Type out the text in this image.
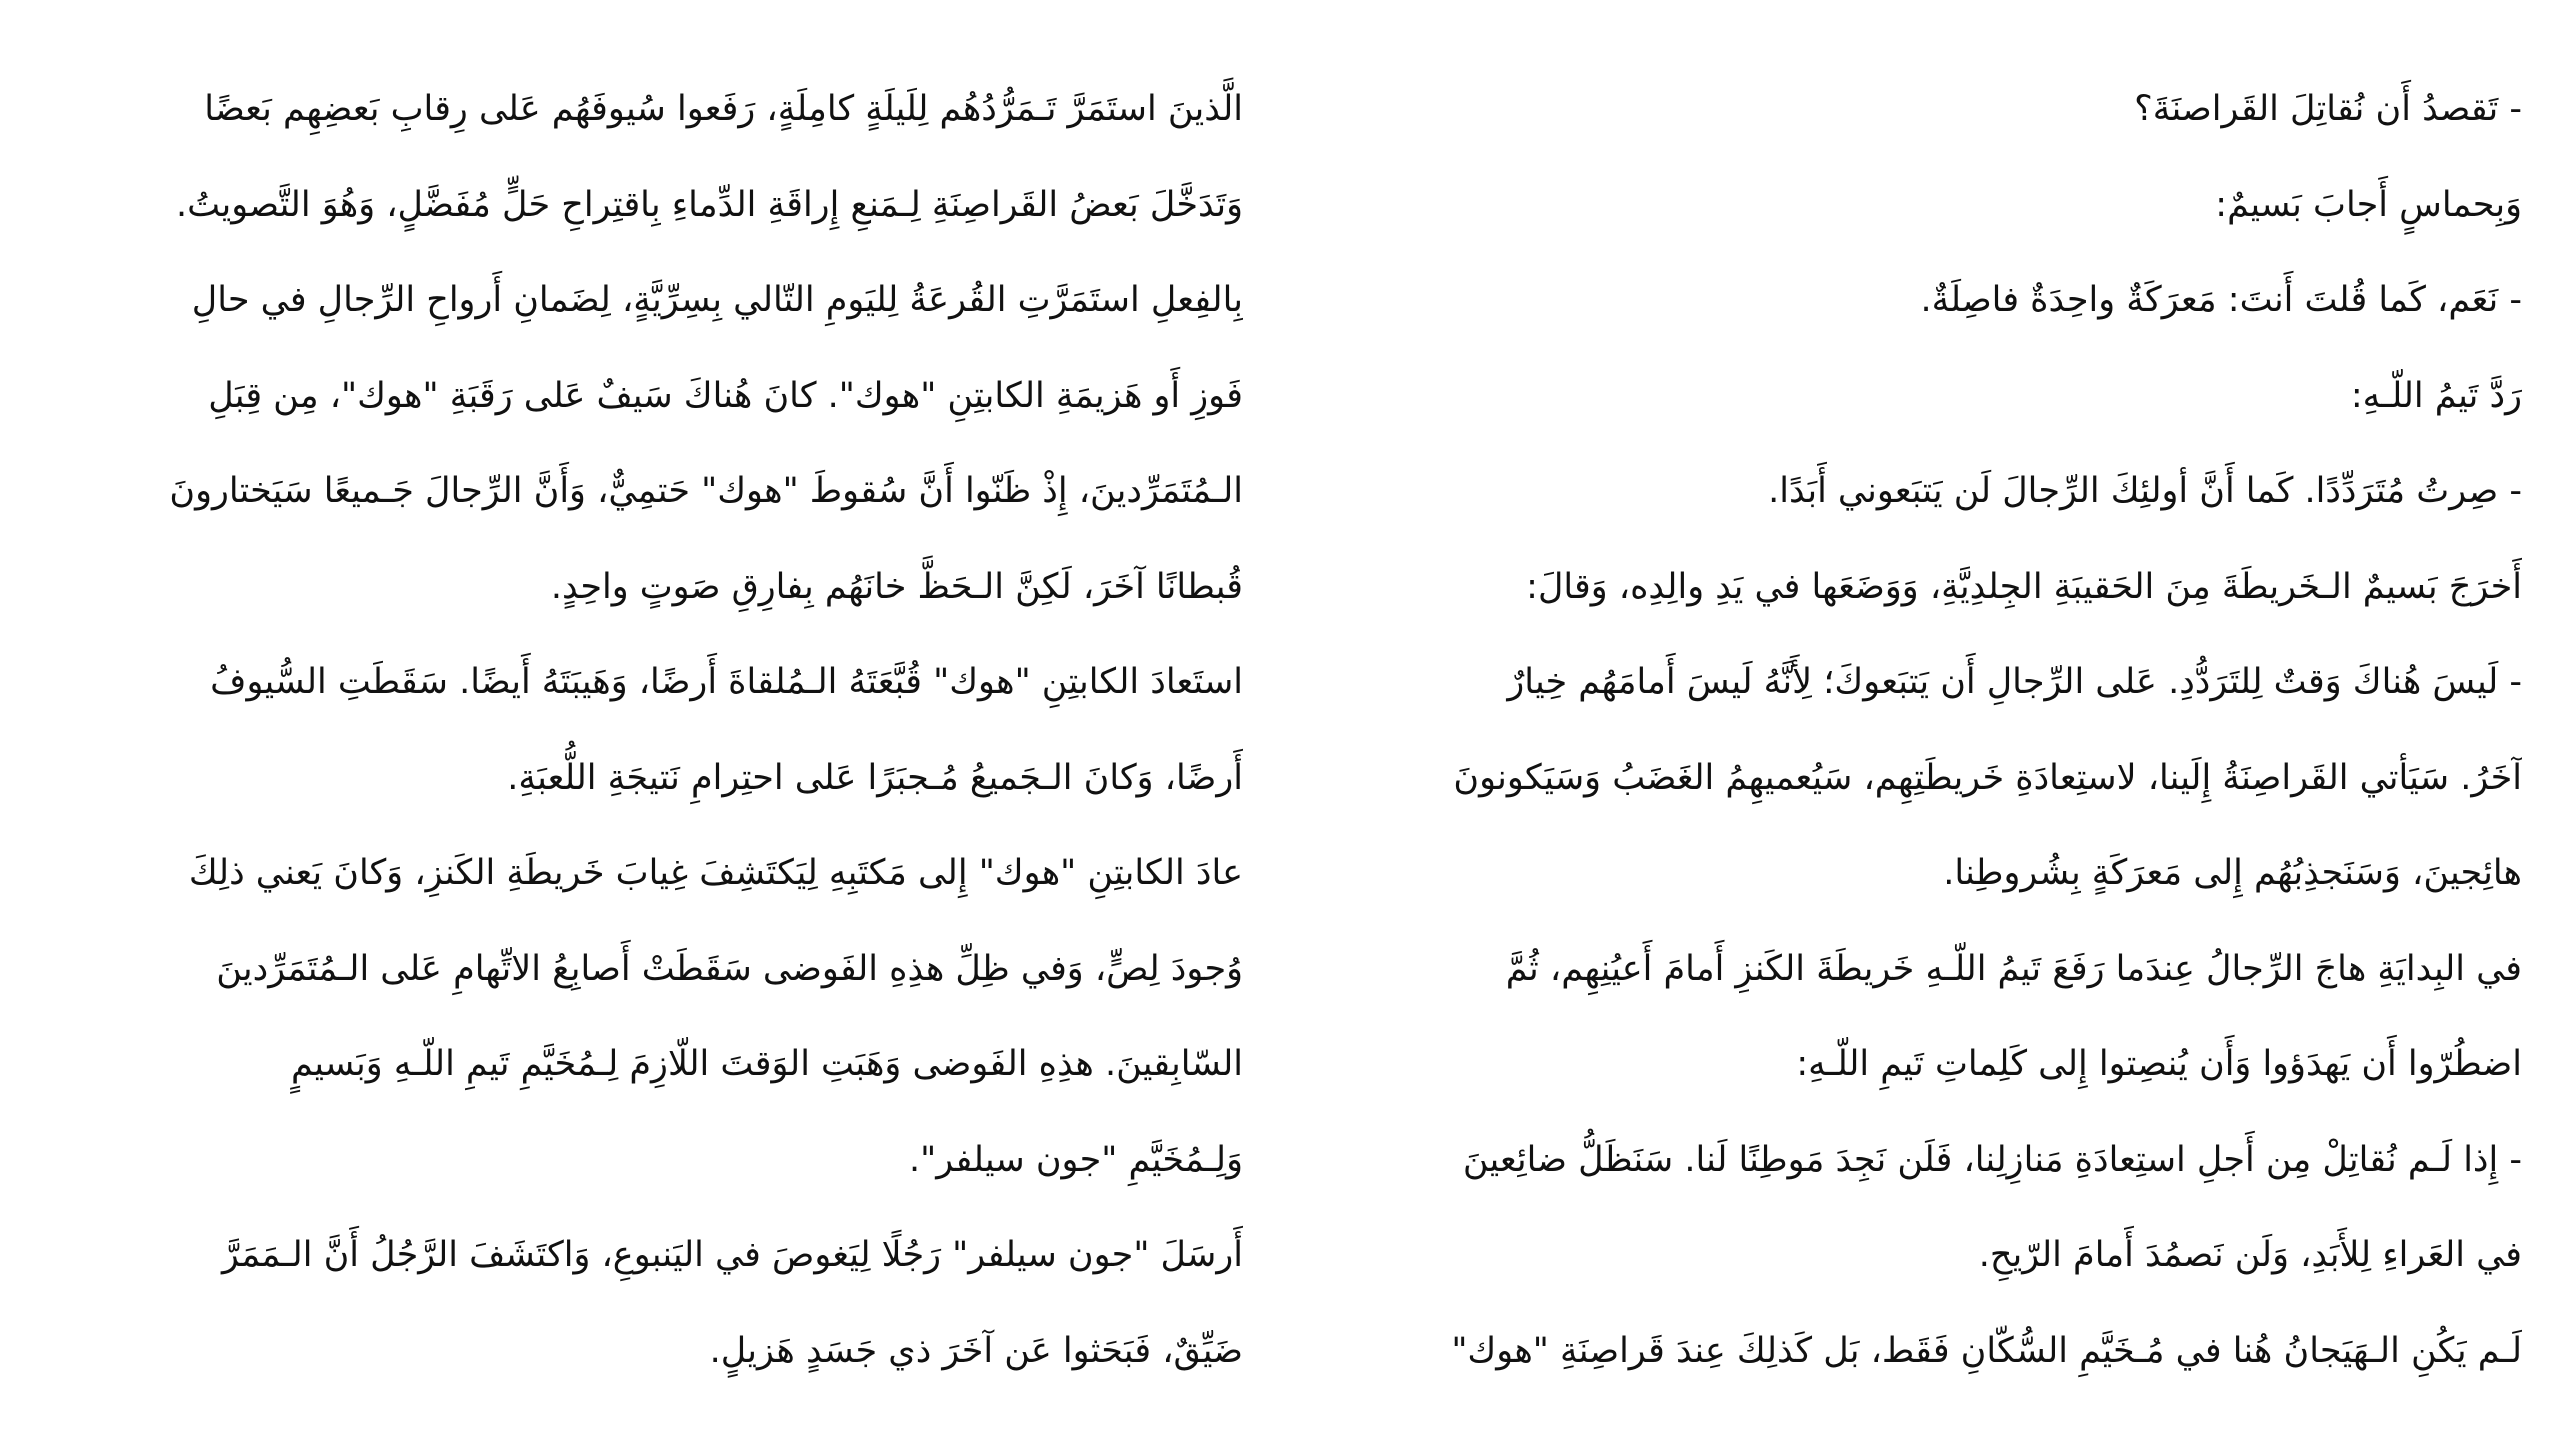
- تَقصدُ أَن نُقاتِلَ القَراصنَةَ؟
وَبِحماسٍ أَجابَ بَسيمٌ:
- نَعَم، كَما قُلتَ أَنتَ: مَعرَكَةٌ واحِدَةٌ فاصِلَةٌ.
رَدَّ تَيمُ اللّـهِ:
- صِرتُ مُتَرَدِّدًا. كَما أَنَّ أولئِكَ الرِّجالَ لَن يَتبَعوني أَبَدًا.
أَخرَجَ بَسيمٌ الـخَريطَةَ مِنَ الحَقيبَةِ الجِلدِيَّةِ، وَوَضَعَها في يَدِ والِدِه، وَقالَ:
- لَيسَ هُناكَ وَقتٌ لِلتَرَدُّدِ. عَلى الرِّجالِ أَن يَتبَعوكَ؛ لِأَنَّهُ لَيسَ أَمامَهُم خِيارٌ
آخَرُ. سَيَأتي القَراصِنَةُ إِلَينا، لاستِعادَةِ خَريطَتِهِم، سَيُعميهِمُ الغَضَبُ وَسَيَكونونَ
هائِجينَ، وَسَنَجذِبُهُم إِلى مَعرَكَةٍ بِشُروطِنا.
في البِدايَةِ هاجَ الرِّجالُ عِندَما رَفَعَ تَيمُ اللّـهِ خَريطَةَ الكَنزِ أَمامَ أَعيُنِهِم، ثُمَّ
اضطُرّوا أَن يَهدَؤوا وَأَن يُنصِتوا إِلى كَلِماتِ تَيمِ اللّـهِ:
- إِذا لَـم نُقاتِلْ مِن أَجلِ استِعادَةِ مَنازِلِنا، فَلَن نَجِدَ مَوطِنًا لَنا. سَنَظَلُّ ضائِعينَ
في العَراءِ لِلأَبَدِ، وَلَن نَصمُدَ أَمامَ الرّيحِ.
لَـم يَكُنِ الـهَيَجانُ هُنا في مُـخَيَّمِ السُّكّانِ فَقَط، بَل كَذلِكَ عِندَ قَراصِنَةِ "هوك"
الَّذينَ استَمَرَّ تَـمَرُّدُهُم لِلَيلَةٍ كامِلَةٍ، رَفَعوا سُيوفَهُم عَلى رِقابِ بَعضِهِم بَعضًا
وَتَدَخَّلَ بَعضُ القَراصِنَةِ لِـمَنعِ إِراقَةِ الدِّماءِ بِاقتِراحِ حَلٍّ مُفَضَّلٍ، وَهُوَ التَّصويتُ.
بِالفِعلِ استَمَرَّتِ القُرعَةُ لِليَومِ التّالي بِسِرِّيَّةٍ، لِضَمانِ أَرواحِ الرِّجالِ في حالِ
فَوزِ أَو هَزيمَةِ الكابتِنِ "هوك". كانَ هُناكَ سَيفٌ عَلى رَقَبَةِ "هوك"، مِن قِبَلِ
الـمُتَمَرِّدينَ، إِذْ ظَنّوا أَنَّ سُقوطَ "هوك" حَتمِيٌّ، وَأَنَّ الرِّجالَ جَـميعًا سَيَختارونَ
قُبطانًا آخَرَ، لَكِنَّ الـحَظَّ خانَهُم بِفارِقِ صَوتٍ واحِدٍ.
استَعادَ الكابتِنِ "هوك" قُبَّعَتَهُ الـمُلقاةَ أَرضًا، وَهَيبَتَهُ أَيضًا. سَقَطَتِ السُّيوفُ
أَرضًا، وَكانَ الـجَميعُ مُـجبَرًا عَلى احتِرامِ نَتيجَةِ اللُّعبَةِ.
عادَ الكابتِنِ "هوك" إِلى مَكتَبِهِ لِيَكتَشِفَ غِيابَ خَريطَةِ الكَنزِ، وَكانَ يَعني ذلِكَ
وُجودَ لِصٍّ، وَفي ظِلِّ هذِهِ الفَوضى سَقَطَتْ أَصابِعُ الاتِّهامِ عَلى الـمُتَمَرِّدينَ
السّابِقينَ. هذِهِ الفَوضى وَهَبَتِ الوَقتَ اللّازِمَ لِـمُخَيَّمِ تَيمِ اللّـهِ وَبَسيمٍ
وَلِـمُخَيَّمِ "جون سيلفر".
أَرسَلَ "جون سيلفر" رَجُلًا لِيَغوصَ في اليَنبوعِ، وَاكتَشَفَ الرَّجُلُ أَنَّ الـمَمَرَّ
ضَيِّقٌ، فَبَحَثوا عَن آخَرَ ذي جَسَدٍ هَزيلٍ.
